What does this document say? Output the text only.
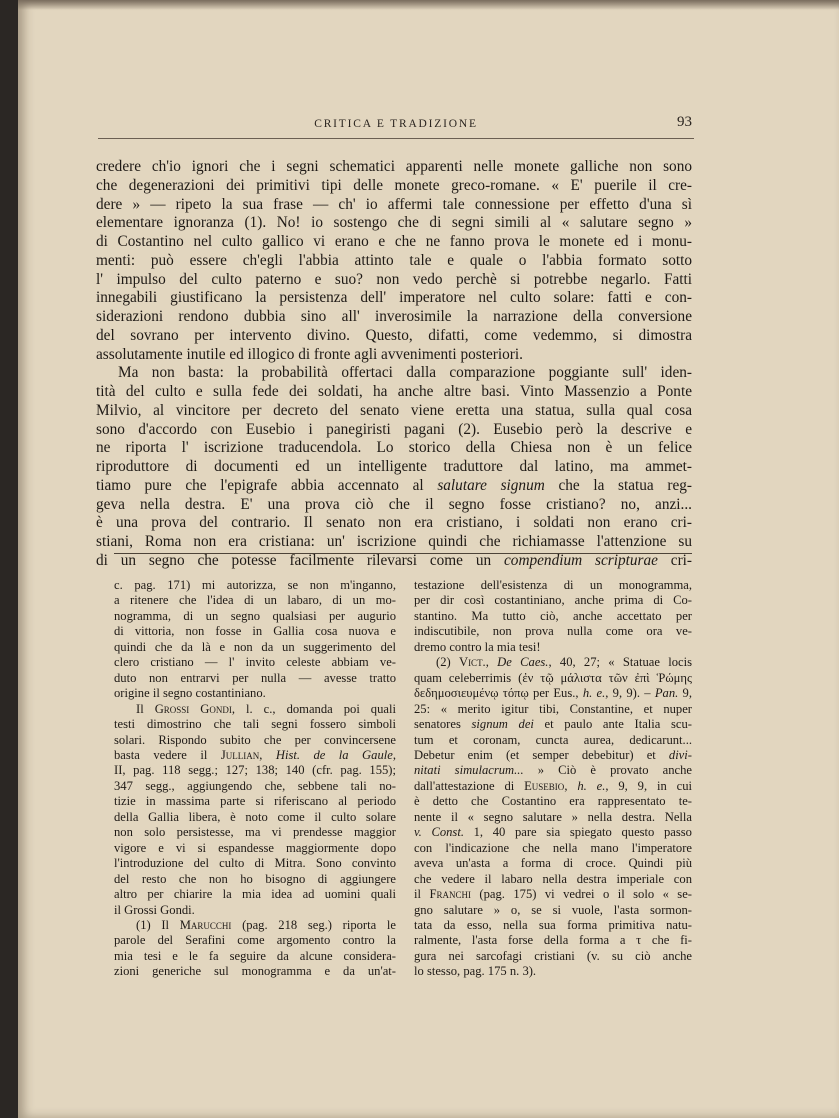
CRITICA E TRADIZIONE	93
credere ch'io ignori che i segni schematici apparenti nelle monete galliche non sono
che degenerazioni dei primitivi tipi delle monete greco-romane. « E' puerile il cre-
dere » — ripeto la sua frase — ch' io affermi tale connessione per effetto d'una sì
elementare ignoranza (1). No! io sostengo che di segni simili al « salutare segno »
di Costantino nel culto gallico vi erano e che ne fanno prova le monete ed i monu-
menti: può essere ch'egli l'abbia attinto tale e quale o l'abbia formato sotto
l' impulso del culto paterno e suo? non vedo perchè si potrebbe negarlo. Fatti
innegabili giustificano la persistenza dell' imperatore nel culto solare: fatti e con-
siderazioni rendono dubbia sino all' inverosimile la narrazione della conversione
del sovrano per intervento divino. Questo, difatti, come vedemmo, si dimostra
assolutamente inutile ed illogico di fronte agli avvenimenti posteriori.
Ma non basta: la probabilità offertaci dalla comparazione poggiante sull' iden-
tità del culto e sulla fede dei soldati, ha anche altre basi. Vinto Massenzio a Ponte
Milvio, al vincitore per decreto del senato viene eretta una statua, sulla qual cosa
sono d'accordo con Eusebio i panegiristi pagani (2). Eusebio però la descrive e
ne riporta l' iscrizione traducendola. Lo storico della Chiesa non è un felice
riproduttore di documenti ed un intelligente traduttore dal latino, ma ammet-
tiamo pure che l'epigrafe abbia accennato al salutare signum che la statua reg-
geva nella destra. E' una prova ciò che il segno fosse cristiano? no, anzi...
è una prova del contrario. Il senato non era cristiano, i soldati non erano cri-
stiani, Roma non era cristiana: un' iscrizione quindi che richiamasse l'attenzione su
di un segno che potesse facilmente rilevarsi come un compendium scripturae cri-
c. pag. 171) mi autorizza, se non m'inganno,
a ritenere che l'idea di un labaro, di un mo-
nogramma, di un segno qualsiasi per augurio
di vittoria, non fosse in Gallia cosa nuova e
quindi che da là e non da un suggerimento del
clero cristiano — l' invito celeste abbiam ve-
duto non entrarvi per nulla — avesse tratto
origine il segno costantiniano.
Il Grossi Gondi, l. c., domanda poi quali
testi dimostrino che tali segni fossero simboli
solari. Rispondo subito che per convincersene
basta vedere il Jullian, Hist. de la Gaule,
II, pag. 118 segg.; 127; 138; 140 (cfr. pag. 155);
347 segg., aggiungendo che, sebbene tali no-
tizie in massima parte si riferiscano al periodo
della Gallia libera, è noto come il culto solare
non solo persistesse, ma vi prendesse maggior
vigore e vi si espandesse maggiormente dopo
l'introduzione del culto di Mitra. Sono convinto
del resto che non ho bisogno di aggiungere
altro per chiarire la mia idea ad uomini quali
il Grossi Gondi.
(1) Il Marucchi (pag. 218 seg.) riporta le
parole del Serafini come argomento contro la
mia tesi e le fa seguire da alcune considera-
zioni generiche sul monogramma e da un'at-
testazione dell'esistenza di un monogramma,
per dir così costantiniano, anche prima di Co-
stantino. Ma tutto ciò, anche accettato per
indiscutibile, non prova nulla come ora ve-
dremo contro la mia tesi!
(2) Vict., De Caes., 40, 27; « Statuae locis
quam celeberrimis (ἐν τῷ μάλιστα τῶν ἐπὶ Ῥώμης
δεδημοσιευμένῳ τόπῳ per Eus., h. e., 9, 9). – Pan. 9,
25: « merito igitur tibi, Constantine, et nuper
senatores signum dei et paulo ante Italia scu-
tum et coronam, cuncta aurea, dedicarunt...
Debetur enim (et semper debebitur) et divi-
nitati simulacrum... » Ciò è provato anche
dall'attestazione di Eusebio, h. e., 9, 9, in cui
è detto che Costantino era rappresentato te-
nente il « segno salutare » nella destra. Nella
v. Const. 1, 40 pare sia spiegato questo passo
con l'indicazione che nella mano l'imperatore
aveva un'asta a forma di croce. Quindi più
che vedere il labaro nella destra imperiale con
il Franchi (pag. 175) vi vedrei o il solo « se-
gno salutare » o, se si vuole, l'asta sormon-
tata da esso, nella sua forma primitiva natu-
ralmente, l'asta forse della forma a τ che fi-
gura nei sarcofagi cristiani (v. su ciò anche
lo stesso, pag. 175 n. 3).
